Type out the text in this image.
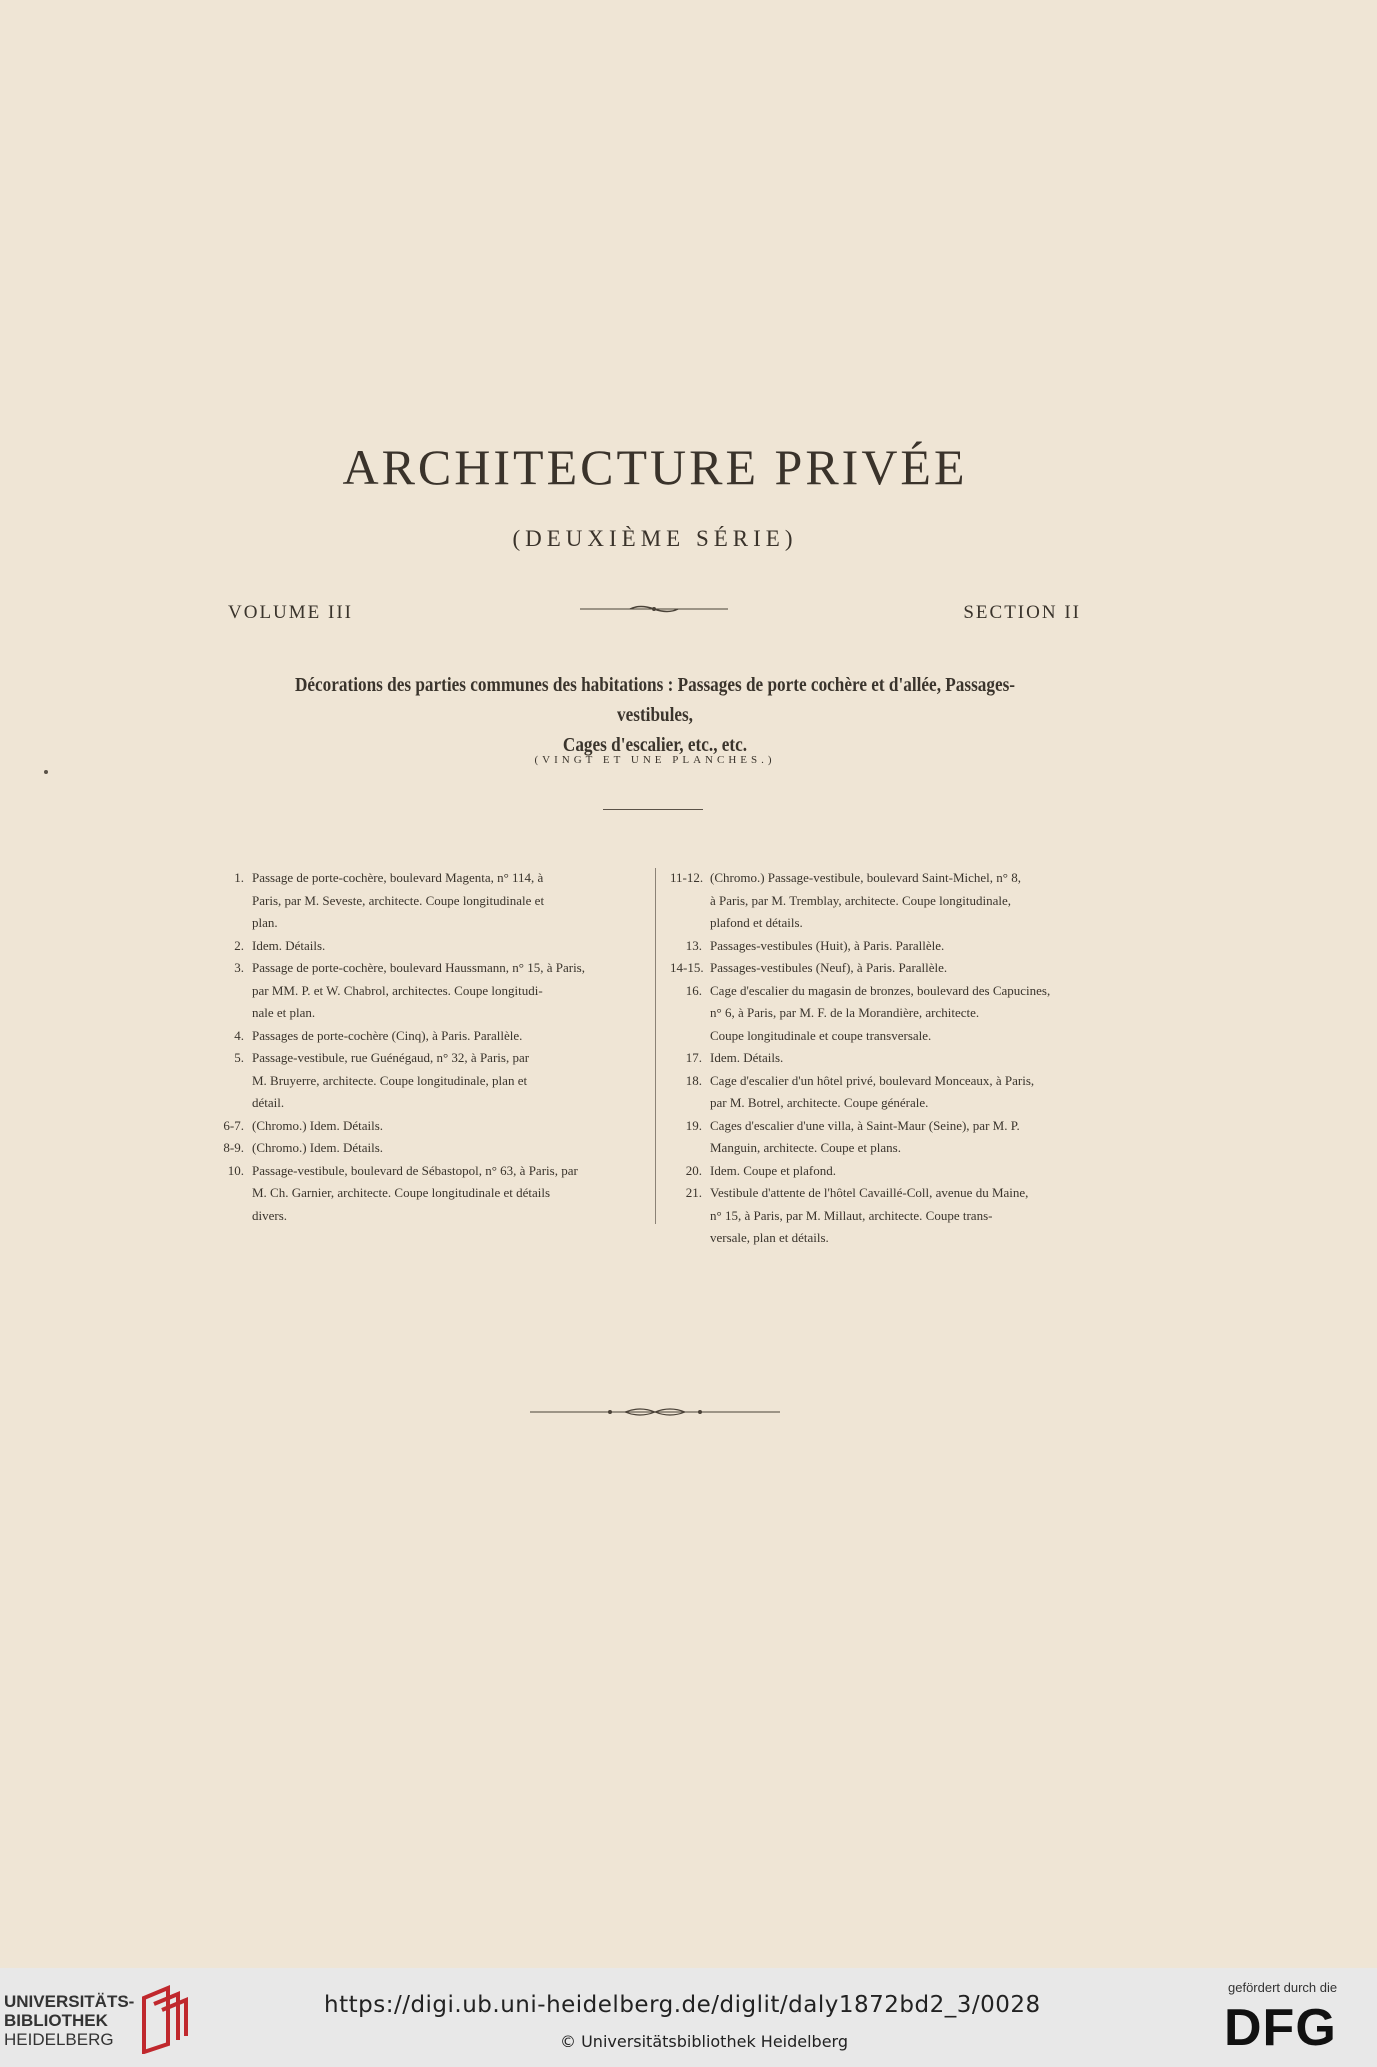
ARCHITECTURE PRIVÉE
(DEUXIÈME SÉRIE)
VOLUME III	SECTION II
Décorations des parties communes des habitations : Passages de porte cochère et d'allée, Passages-vestibules,
Cages d'escalier, etc., etc.
(VINGT ET UNE PLANCHES.)
1. Passage de porte-cochère, boulevard Magenta, n° 114, à
Paris, par M. Seveste, architecte. Coupe longitudinale et
plan.
2. Idem. Détails.
3. Passage de porte-cochère, boulevard Haussmann, n° 15, à Paris,
par MM. P. et W. Chabrol, architectes. Coupe longitudi-
nale et plan.
4. Passages de porte-cochère (Cinq), à Paris. Parallèle.
5. Passage-vestibule, rue Guénégaud, n° 32, à Paris, par
M. Bruyerre, architecte. Coupe longitudinale, plan et
détail.
6-7. (Chromo.) Idem. Détails.
8-9. (Chromo.) Idem. Détails.
10. Passage-vestibule, boulevard de Sébastopol, n° 63, à Paris, par
M. Ch. Garnier, architecte. Coupe longitudinale et détails
divers.
11-12. (Chromo.) Passage-vestibule, boulevard Saint-Michel, n° 8,
à Paris, par M. Tremblay, architecte. Coupe longitudinale,
plafond et détails.
13. Passages-vestibules (Huit), à Paris. Parallèle.
14-15. Passages-vestibules (Neuf), à Paris. Parallèle.
16. Cage d'escalier du magasin de bronzes, boulevard des Capucines,
n° 6, à Paris, par M. F. de la Morandière, architecte.
Coupe longitudinale et coupe transversale.
17. Idem. Détails.
18. Cage d'escalier d'un hôtel privé, boulevard Monceaux, à Paris,
par M. Botrel, architecte. Coupe générale.
19. Cages d'escalier d'une villa, à Saint-Maur (Seine), par M. P.
Manguin, architecte. Coupe et plans.
20. Idem. Coupe et plafond.
21. Vestibule d'attente de l'hôtel Cavaillé-Coll, avenue du Maine,
n° 15, à Paris, par M. Millaut, architecte. Coupe trans-
versale, plan et détails.
UNIVERSITÄTS-
BIBLIOTHEK
HEIDELBERG
https://digi.ub.uni-heidelberg.de/diglit/daly1872bd2_3/0028
© Universitätsbibliothek Heidelberg
gefördert durch die
DFG
